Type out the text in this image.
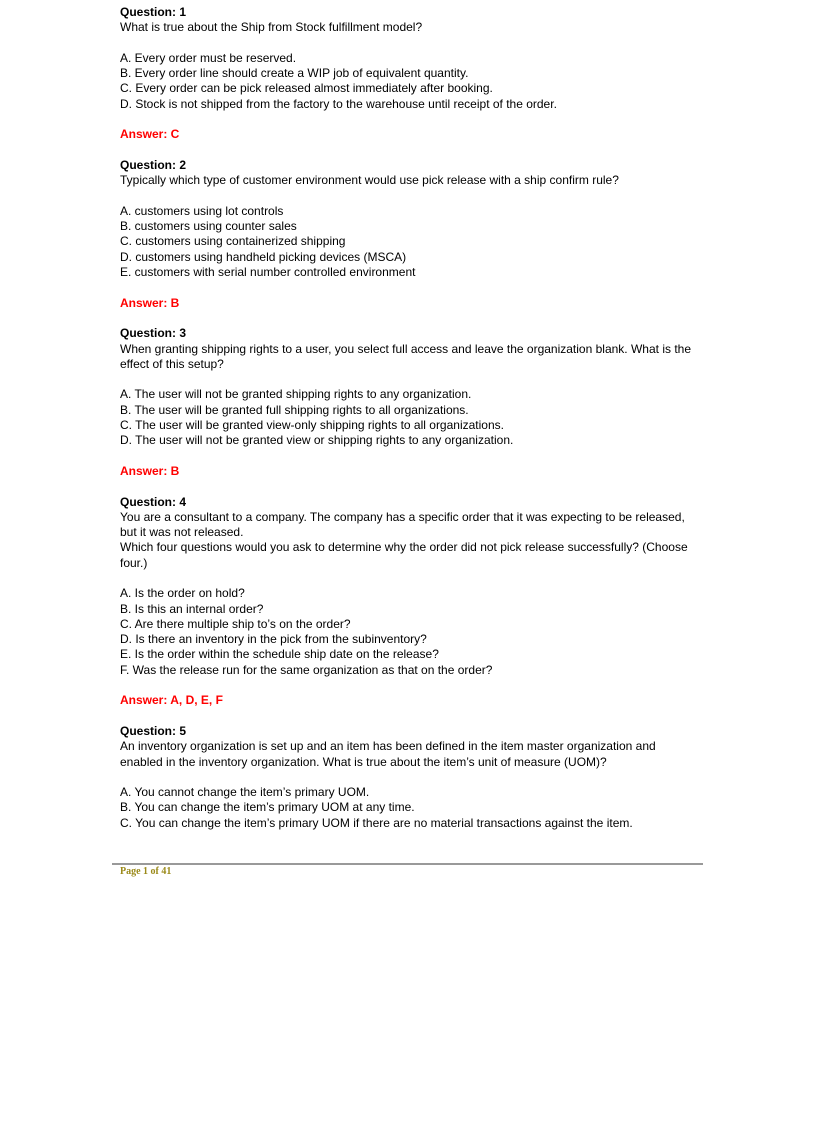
Question: 1
What is true about the Ship from Stock fulfillment model?
A. Every order must be reserved.
B. Every order line should create a WIP job of equivalent quantity.
C. Every order can be pick released almost immediately after booking.
D. Stock is not shipped from the factory to the warehouse until receipt of the order.
Answer: C
Question: 2
Typically which type of customer environment would use pick release with a ship confirm rule?
A. customers using lot controls
B. customers using counter sales
C. customers using containerized shipping
D. customers using handheld picking devices (MSCA)
E. customers with serial number controlled environment
Answer: B
Question: 3
When granting shipping rights to a user, you select full access and leave the organization blank. What is the effect of this setup?
A. The user will not be granted shipping rights to any organization.
B. The user will be granted full shipping rights to all organizations.
C. The user will be granted view-only shipping rights to all organizations.
D. The user will not be granted view or shipping rights to any organization.
Answer: B
Question: 4
You are a consultant to a company. The company has a specific order that it was expecting to be released, but it was not released.
Which four questions would you ask to determine why the order did not pick release successfully? (Choose four.)
A. Is the order on hold?
B. Is this an internal order?
C. Are there multiple ship to’s on the order?
D. Is there an inventory in the pick from the subinventory?
E. Is the order within the schedule ship date on the release?
F. Was the release run for the same organization as that on the order?
Answer: A, D, E, F
Question: 5
An inventory organization is set up and an item has been defined in the item master organization and enabled in the inventory organization. What is true about the item’s unit of measure (UOM)?
A. You cannot change the item’s primary UOM.
B. You can change the item’s primary UOM at any time.
C. You can change the item’s primary UOM if there are no material transactions against the item.
Page 1 of 41
